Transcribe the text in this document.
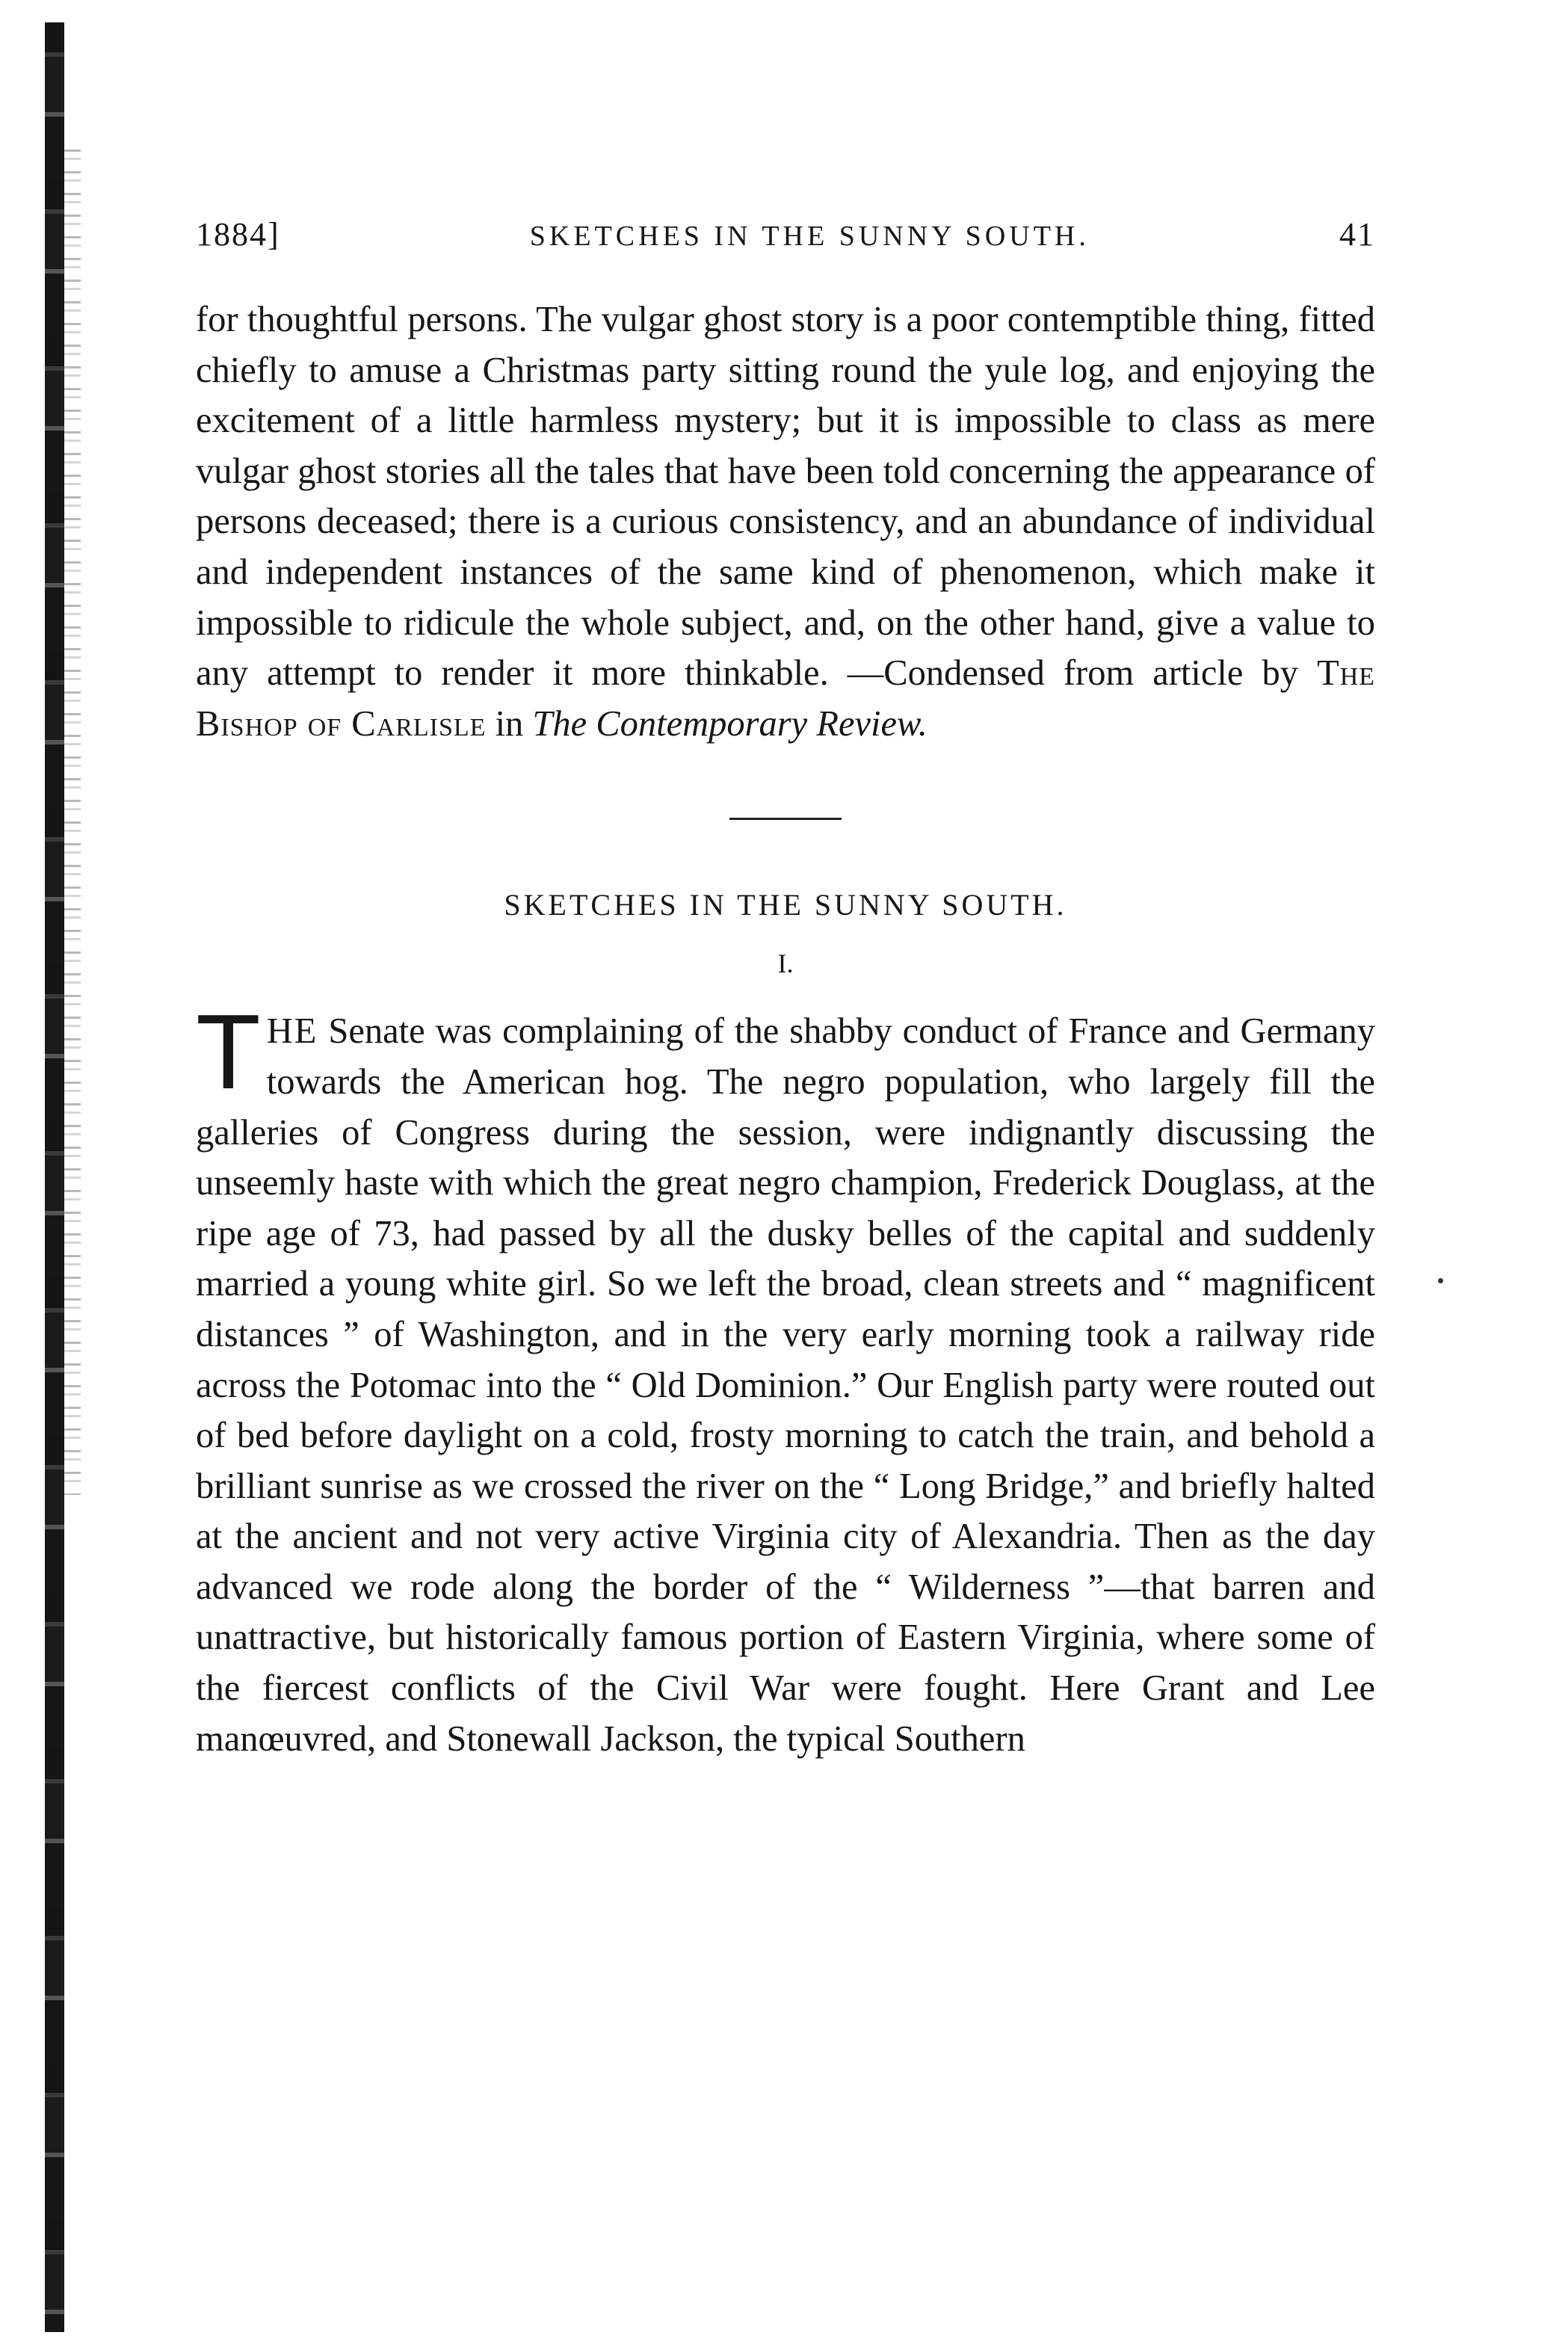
1884]	SKETCHES IN THE SUNNY SOUTH.	41

for thoughtful persons. The vulgar ghost story is a poor contemptible thing, fitted chiefly to amuse a Christmas party sitting round the yule log, and enjoying the excitement of a little harmless mystery; but it is impossible to class as mere vulgar ghost stories all the tales that have been told concerning the appearance of persons deceased; there is a curious consistency, and an abundance of individual and independent instances of the same kind of phenomenon, which make it impossible to ridicule the whole subject, and, on the other hand, give a value to any attempt to render it more thinkable. —Condensed from article by The Bishop of Carlisle in The Contemporary Review.

SKETCHES IN THE SUNNY SOUTH.
I.

THE Senate was complaining of the shabby conduct of France and Germany towards the American hog. The negro population, who largely fill the galleries of Congress during the session, were indignantly discussing the unseemly haste with which the great negro champion, Frederick Douglass, at the ripe age of 73, had passed by all the dusky belles of the capital and suddenly married a young white girl. So we left the broad, clean streets and “ magnificent distances ” of Washington, and in the very early morning took a railway ride across the Potomac into the “ Old Dominion.” Our English party were routed out of bed before daylight on a cold, frosty morning to catch the train, and behold a brilliant sunrise as we crossed the river on the “ Long Bridge,” and briefly halted at the ancient and not very active Virginia city of Alexandria. Then as the day advanced we rode along the border of the “ Wilderness ”—that barren and unattractive, but historically famous portion of Eastern Virginia, where some of the fiercest conflicts of the Civil War were fought. Here Grant and Lee manœuvred, and Stonewall Jackson, the typical Southern
